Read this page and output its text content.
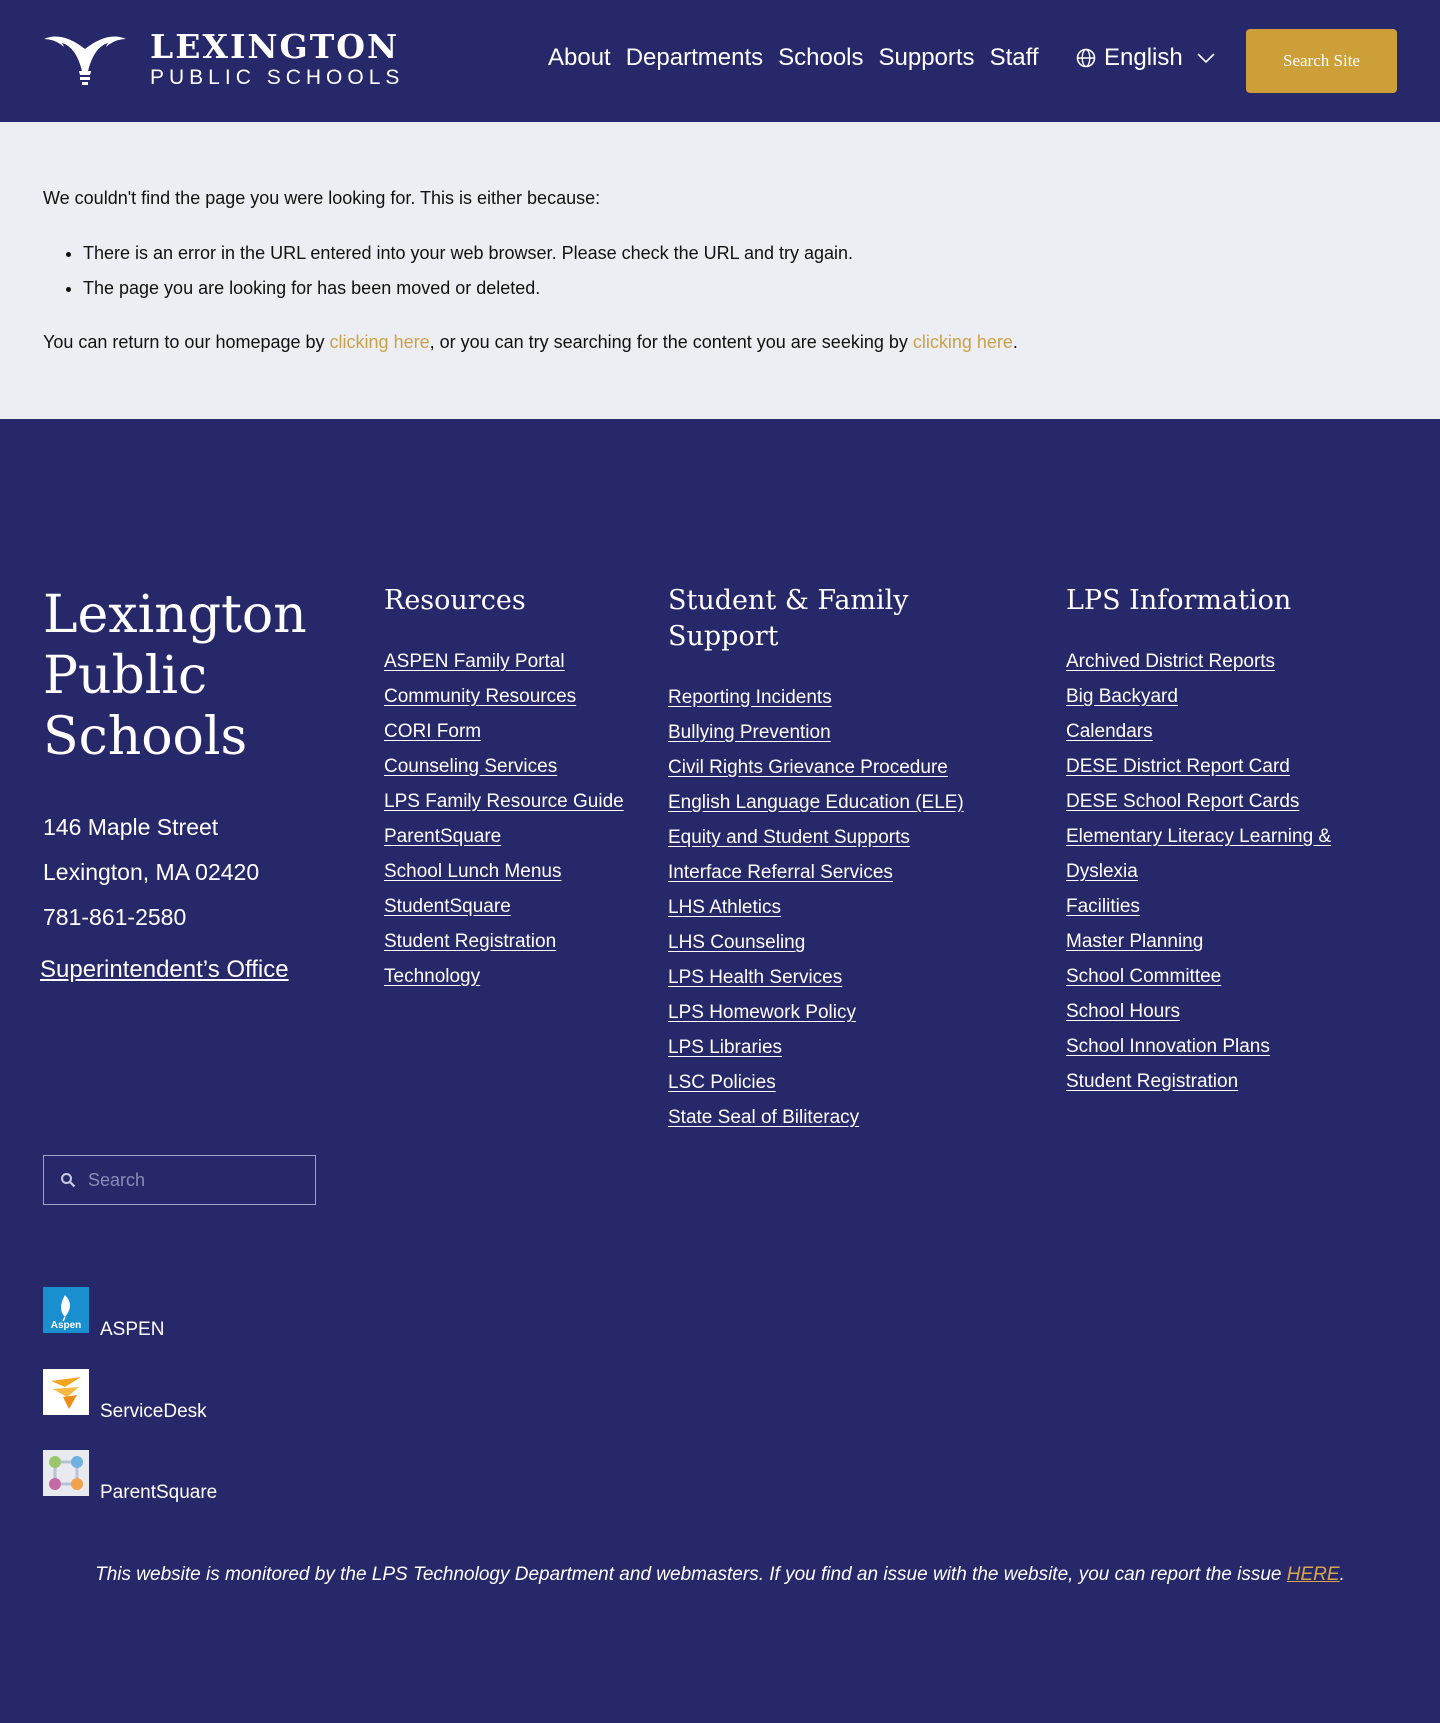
LEXINGTON
PUBLIC SCHOOLS
About Departments Schools Supports Staff	English	Search Site

We couldn't find the page you were looking for. This is either because:

• There is an error in the URL entered into your web browser. Please check the URL and try again.
• The page you are looking for has been moved or deleted.

You can return to our homepage by clicking here, or you can try searching for the content you are seeking by clicking here.

Lexington Public Schools
146 Maple Street
Lexington, MA 02420
781-861-2580
Superintendent’s Office
Resources
ASPEN Family Portal
Community Resources
CORI Form
Counseling Services
LPS Family Resource Guide
ParentSquare
School Lunch Menus
StudentSquare
Student Registration
Technology
Student & Family Support
Reporting Incidents
Bullying Prevention
Civil Rights Grievance Procedure
English Language Education (ELE)
Equity and Student Supports
Interface Referral Services
LHS Athletics
LHS Counseling
LPS Health Services
LPS Homework Policy
LPS Libraries
LSC Policies
State Seal of Biliteracy
LPS Information
Archived District Reports
Big Backyard
Calendars
DESE District Report Card
DESE School Report Cards
Elementary Literacy Learning & Dyslexia
Facilities
Master Planning
School Committee
School Hours
School Innovation Plans
Student Registration
Search
Aspen ASPEN
ServiceDesk
ParentSquare

This website is monitored by the LPS Technology Department and webmasters. If you find an issue with the website, you can report the issue HERE.
